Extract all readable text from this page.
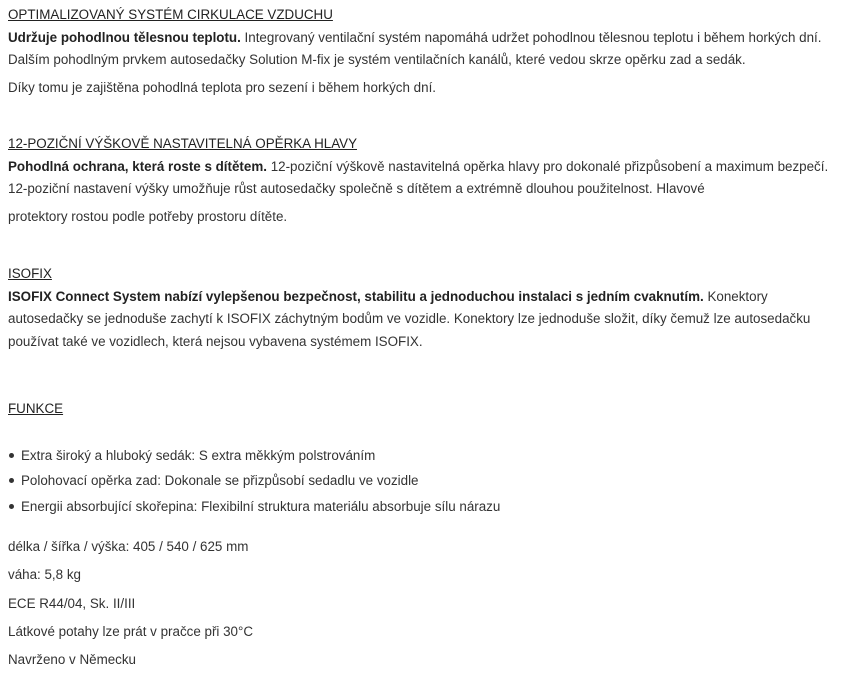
OPTIMALIZOVANÝ SYSTÉM CIRKULACE VZDUCHU

Udržuje pohodlnou tělesnou teplotu. Integrovaný ventilační systém napomáhá udržet pohodlnou tělesnou teplotu i během horkých dní. Dalším pohodlným prvkem autosedačky Solution M-fix je systém ventilačních kanálů, které vedou skrze opěrku zad a sedák.

Díky tomu je zajištěna pohodlná teplota pro sezení i během horkých dní.

12-POZIČNÍ VÝŠKOVĚ NASTAVITELNÁ OPĚRKA HLAVY

Pohodlná ochrana, která roste s dítětem. 12-poziční výškově nastavitelná opěrka hlavy pro dokonalé přizpůsobení a maximum bezpečí. 12-poziční nastavení výšky umožňuje růst autosedačky společně s dítětem a extrémně dlouhou použitelnost. Hlavové

protektory rostou podle potřeby prostoru dítěte.

ISOFIX

ISOFIX Connect System nabízí vylepšenou bezpečnost, stabilitu a jednoduchou instalaci s jedním cvaknutím. Konektory autosedačky se jednoduše zachytí k ISOFIX záchytným bodům ve vozidle. Konektory lze jednoduše složit, díky čemuž lze autosedačku používat také ve vozidlech, která nejsou vybavena systémem ISOFIX.

FUNKCE
Extra široký a hluboký sedák: S extra měkkým polstrováním
Polohovací opěrka zad: Dokonale se přizpůsobí sedadlu ve vozidle
Energii absorbující skořepina: Flexibilní struktura materiálu absorbuje sílu nárazu

délka / šířka / výška: 405 / 540 / 625 mm

váha: 5,8 kg

ECE R44/04, Sk. II/III

Látkové potahy lze prát v pračce při 30°C

Navrženo v Německu
